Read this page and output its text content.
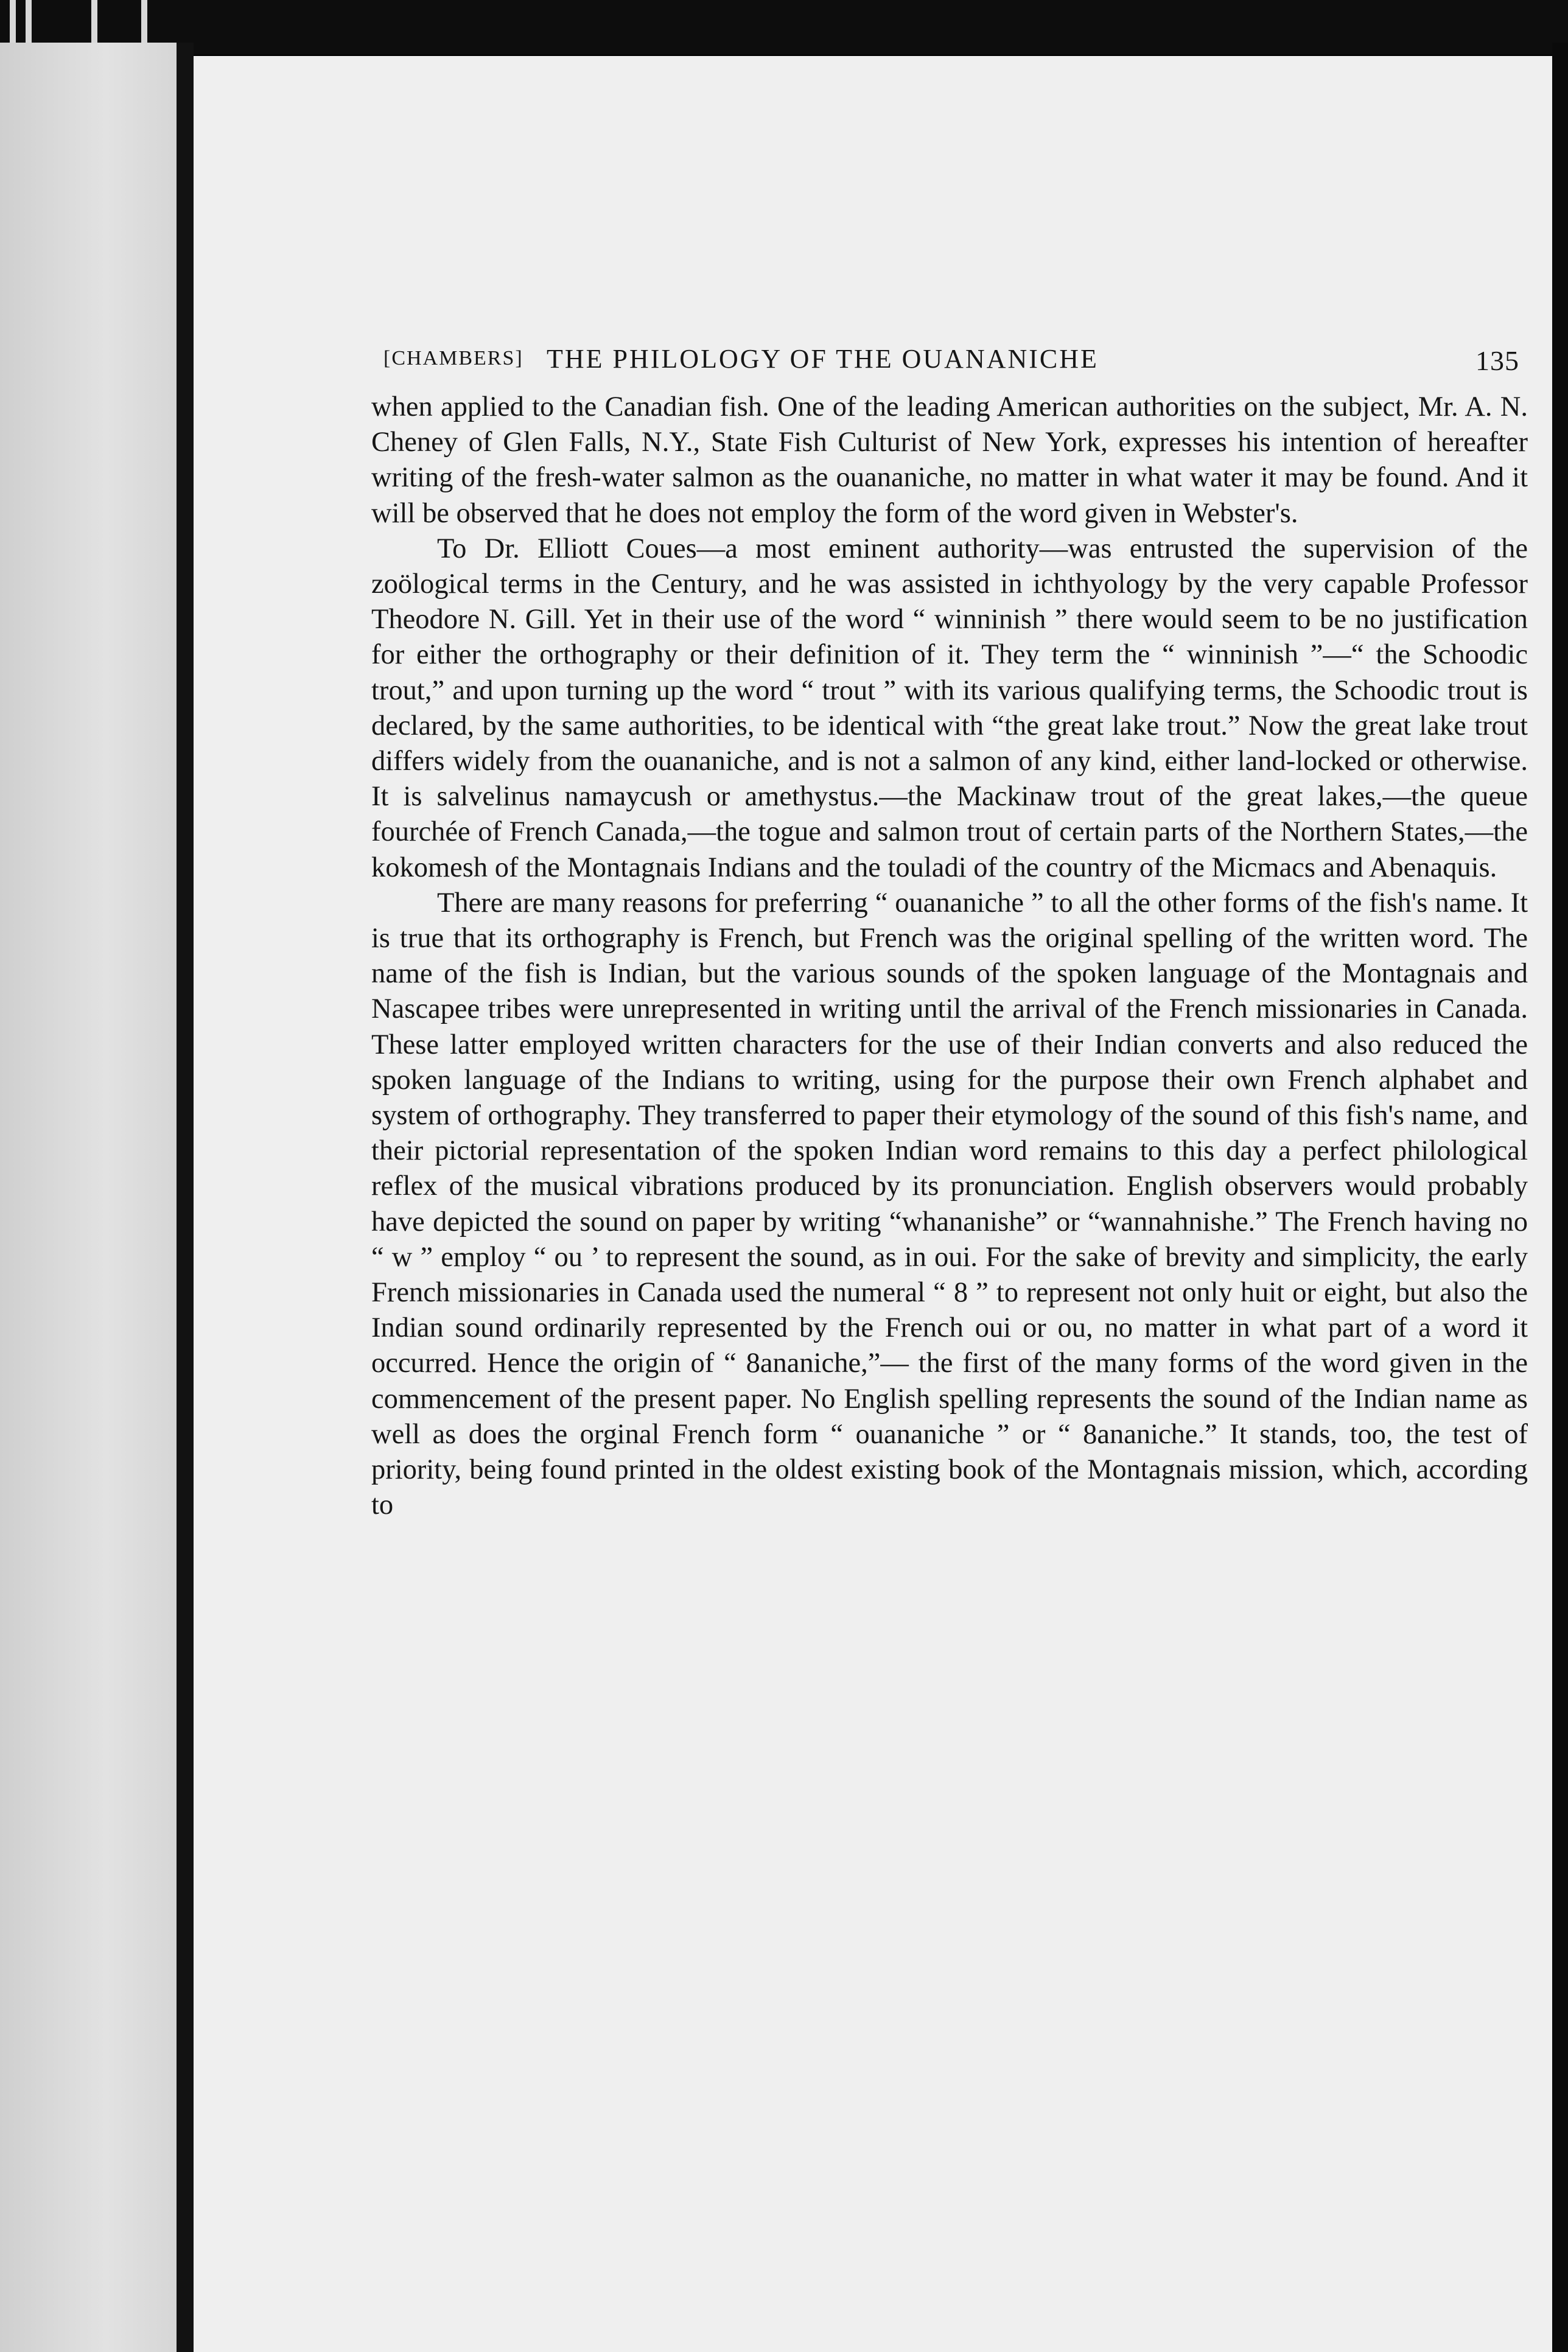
[CHAMBERS] THE PHILOLOGY OF THE OUANANICHE	135

when applied to the Canadian fish. One of the leading American authorities on the subject, Mr. A. N. Cheney of Glen Falls, N.Y., State Fish Culturist of New York, expresses his intention of hereafter writing of the fresh-water salmon as the ouananiche, no matter in what water it may be found. And it will be observed that he does not employ the form of the word given in Webster's.

To Dr. Elliott Coues—a most eminent authority—was entrusted the supervision of the zoölogical terms in the Century, and he was assisted in ichthyology by the very capable Professor Theodore N. Gill. Yet in their use of the word “ winninish ” there would seem to be no justification for either the orthography or their definition of it. They term the “ winninish ”—“ the Schoodic trout,” and upon turning up the word “ trout ” with its various qualifying terms, the Schoodic trout is declared, by the same authorities, to be identical with “the great lake trout.” Now the great lake trout differs widely from the ouananiche, and is not a salmon of any kind, either land-locked or otherwise. It is salvelinus namaycush or amethystus.—the Mackinaw trout of the great lakes,—the queue fourchée of French Canada,—the togue and salmon trout of certain parts of the Northern States,—the kokomesh of the Montagnais Indians and the touladi of the country of the Micmacs and Abenaquis.

There are many reasons for preferring “ ouananiche ” to all the other forms of the fish's name. It is true that its orthography is French, but French was the original spelling of the written word. The name of the fish is Indian, but the various sounds of the spoken language of the Montagnais and Nascapee tribes were unrepresented in writing until the arrival of the French missionaries in Canada. These latter employed written characters for the use of their Indian converts and also reduced the spoken language of the Indians to writing, using for the purpose their own French alphabet and system of orthography. They transferred to paper their etymology of the sound of this fish's name, and their pictorial representation of the spoken Indian word remains to this day a perfect philological reflex of the musical vibrations produced by its pronunciation. English observers would probably have depicted the sound on paper by writing “whananishe” or “wannahnishe.” The French having no “ w ” employ “ ou ’ to represent the sound, as in oui. For the sake of brevity and simplicity, the early French missionaries in Canada used the numeral “ 8 ” to represent not only huit or eight, but also the Indian sound ordinarily represented by the French oui or ou, no matter in what part of a word it occurred. Hence the origin of “ 8ananiche,”— the first of the many forms of the word given in the commencement of the present paper. No English spelling represents the sound of the Indian name as well as does the orginal French form “ ouananiche ” or “ 8ananiche.” It stands, too, the test of priority, being found printed in the oldest existing book of the Montagnais mission, which, according to
